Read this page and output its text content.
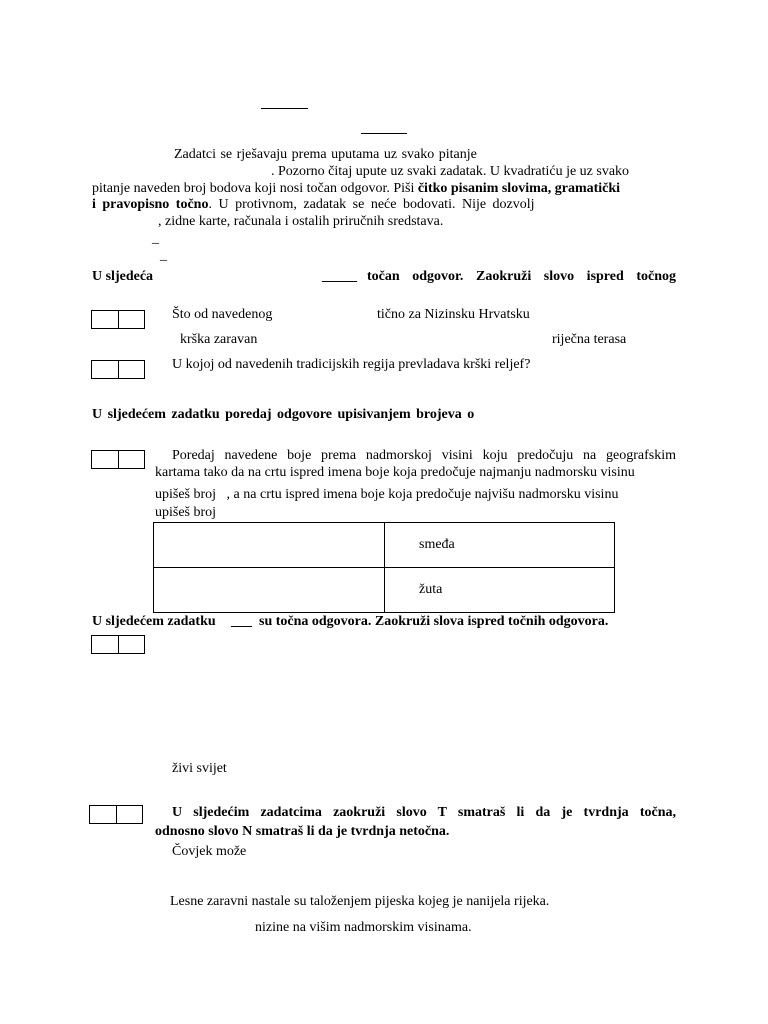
Zadatci se rješavaju prema uputama uz svako pitanje
. Pozorno čitaj upute uz svaki zadatak. U kvadratiću je uz svako
pitanje naveden broj bodova koji nosi točan odgovor. Piši čitko pisanim slovima, gramatički
i pravopisno točno. U protivnom, zadatak se neće bodovati. Nije dozvolj
, zidne karte, računala i ostalih priručnih sredstava.
_
_
U sljedeća	_____ točan odgovor. Zaokruži slovo ispred točnog
Što od navedenog	tično za Nizinsku Hrvatsku
krška zaravan	riječna terasa
U kojoj od navedenih tradicijskih regija prevladava krški reljef?
U sljedećem zadatku poredaj odgovore upisivanjem brojeva o
Poredaj navedene boje prema nadmorskoj visini koju predočuju na geografskim
kartama tako da na crtu ispred imena boje koja predočuje najmanju nadmorsku visinu
upišeš broj   , a na crtu ispred imena boje koja predočuje najvišu nadmorsku visinu
upišeš broj
	smeđa
	žuta
U sljedećem zadatku ___ su točna odgovora. Zaokruži slova ispred točnih odgovora.
živi svijet
U sljedećim zadatcima zaokruži slovo T smatraš li da je tvrdnja točna,
odnosno slovo N smatraš li da je tvrdnja netočna.
Čovjek može
Lesne zaravni nastale su taloženjem pijeska kojeg je nanijela rijeka.
nizine na višim nadmorskim visinama.
